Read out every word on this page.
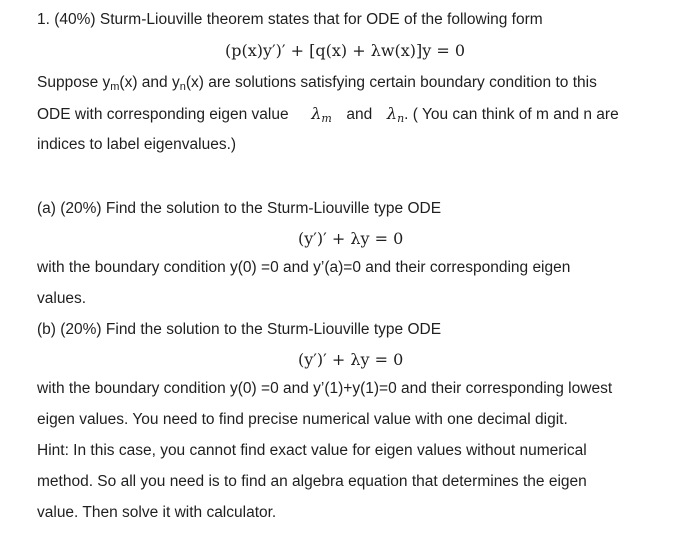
1. (40%) Sturm-Liouville theorem states that for ODE of the following form
(p(x)y′)′ + [q(x) + λw(x)]y = 0
Suppose $y_m(x)$ and $y_n(x)$ are solutions satisfying certain boundary condition to this
ODE with corresponding eigen value $\lambda_m$ and $\lambda_n$. ( You can think of m and n are
indices to label eigenvalues.)
(a) (20%) Find the solution to the Sturm-Liouville type ODE
(y′)′ + λy = 0
with the boundary condition y(0) =0 and y’(a)=0 and their corresponding eigen
values.
(b) (20%) Find the solution to the Sturm-Liouville type ODE
(y′)′ + λy = 0
with the boundary condition y(0) =0 and y’(1)+y(1)=0 and their corresponding lowest
eigen values. You need to find precise numerical value with one decimal digit.
Hint: In this case, you cannot find exact value for eigen values without numerical
method. So all you need is to find an algebra equation that determines the eigen
value. Then solve it with calculator.
